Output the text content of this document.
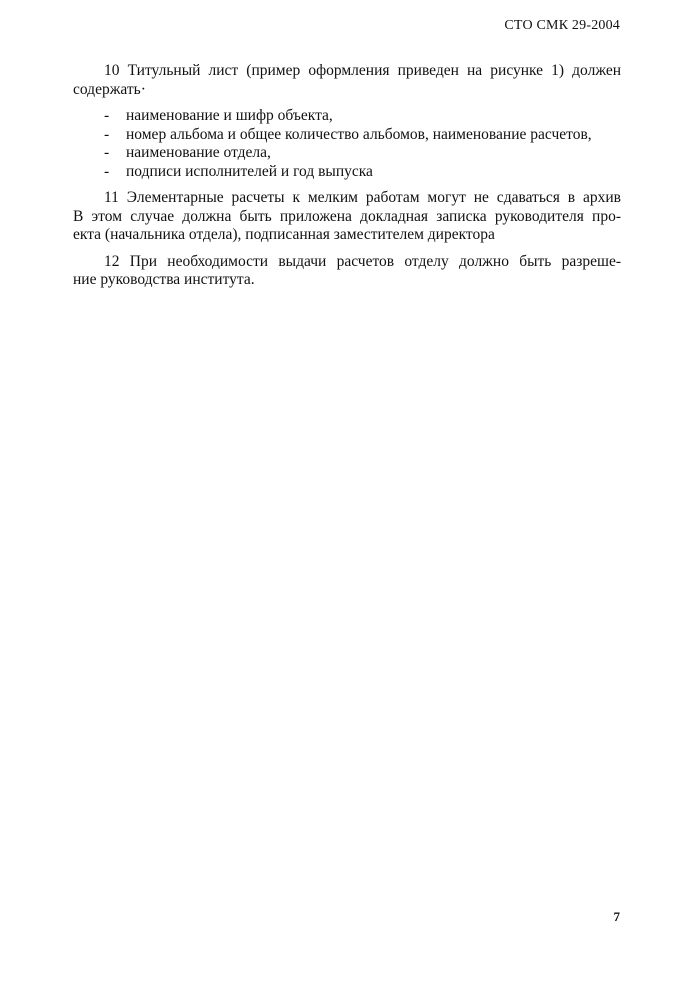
СТО СМК 29-2004
10 Титульный лист (пример оформления приведен на рисунке 1) должен
содержать·
-	наименование и шифр объекта,
-	номер альбома и общее количество альбомов, наименование расчетов,
-	наименование отдела,
-	подписи исполнителей и год выпуска
11 Элементарные расчеты к мелким работам могут не сдаваться в архив
В этом случае должна быть приложена докладная записка руководителя про-
екта (начальника отдела), подписанная заместителем директора
12 При необходимости выдачи расчетов отделу должно быть разреше-
ние руководства института.
7
